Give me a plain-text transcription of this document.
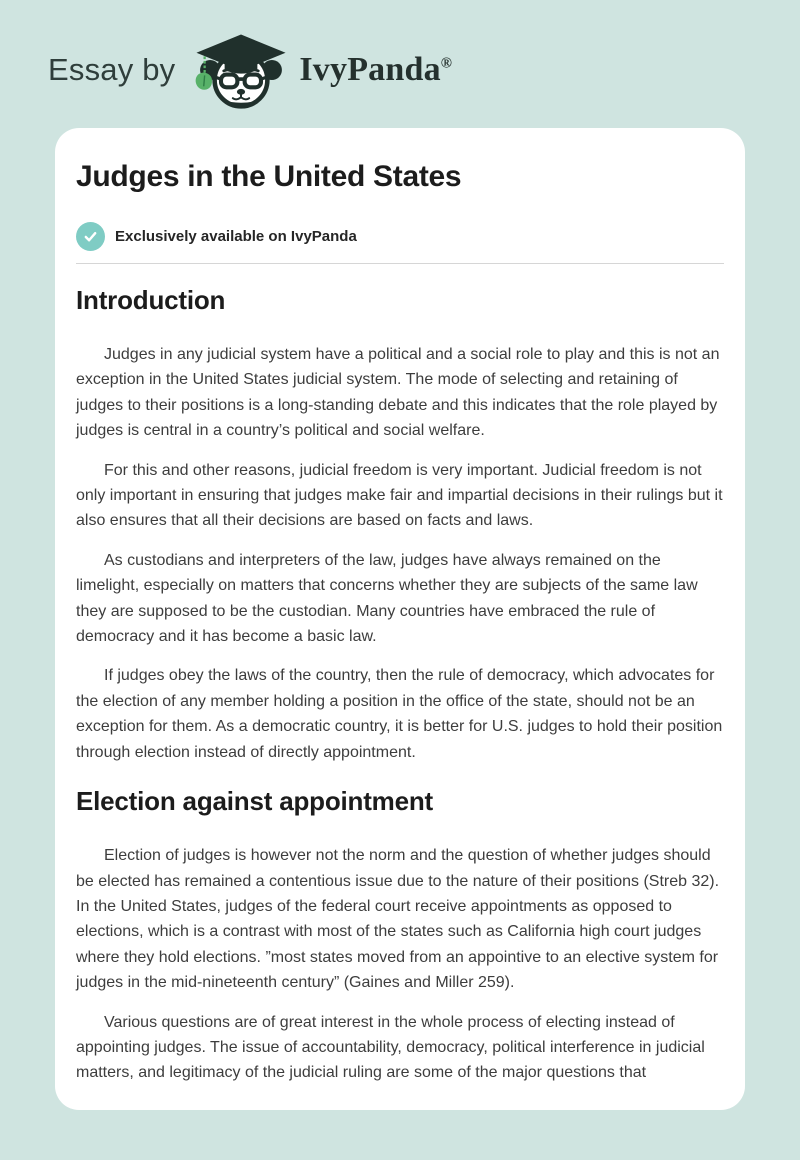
Essay by	IvyPanda®
Judges in the United States
Exclusively available on IvyPanda
Introduction

Judges in any judicial system have a political and a social role to play and this is not an exception in the United States judicial system. The mode of selecting and retaining of judges to their positions is a long-standing debate and this indicates that the role played by judges is central in a country’s political and social welfare.

For this and other reasons, judicial freedom is very important. Judicial freedom is not only important in ensuring that judges make fair and impartial decisions in their rulings but it also ensures that all their decisions are based on facts and laws.

As custodians and interpreters of the law, judges have always remained on the limelight, especially on matters that concerns whether they are subjects of the same law they are supposed to be the custodian. Many countries have embraced the rule of democracy and it has become a basic law.

If judges obey the laws of the country, then the rule of democracy, which advocates for the election of any member holding a position in the office of the state, should not be an exception for them. As a democratic country, it is better for U.S. judges to hold their position through election instead of directly appointment.

Election against appointment

Election of judges is however not the norm and the question of whether judges should be elected has remained a contentious issue due to the nature of their positions (Streb 32). In the United States, judges of the federal court receive appointments as opposed to elections, which is a contrast with most of the states such as California high court judges where they hold elections. ”most states moved from an appointive to an elective system for judges in the mid-nineteenth century” (Gaines and Miller 259).

Various questions are of great interest in the whole process of electing instead of appointing judges. The issue of accountability, democracy, political interference in judicial matters, and legitimacy of the judicial ruling are some of the major questions that
